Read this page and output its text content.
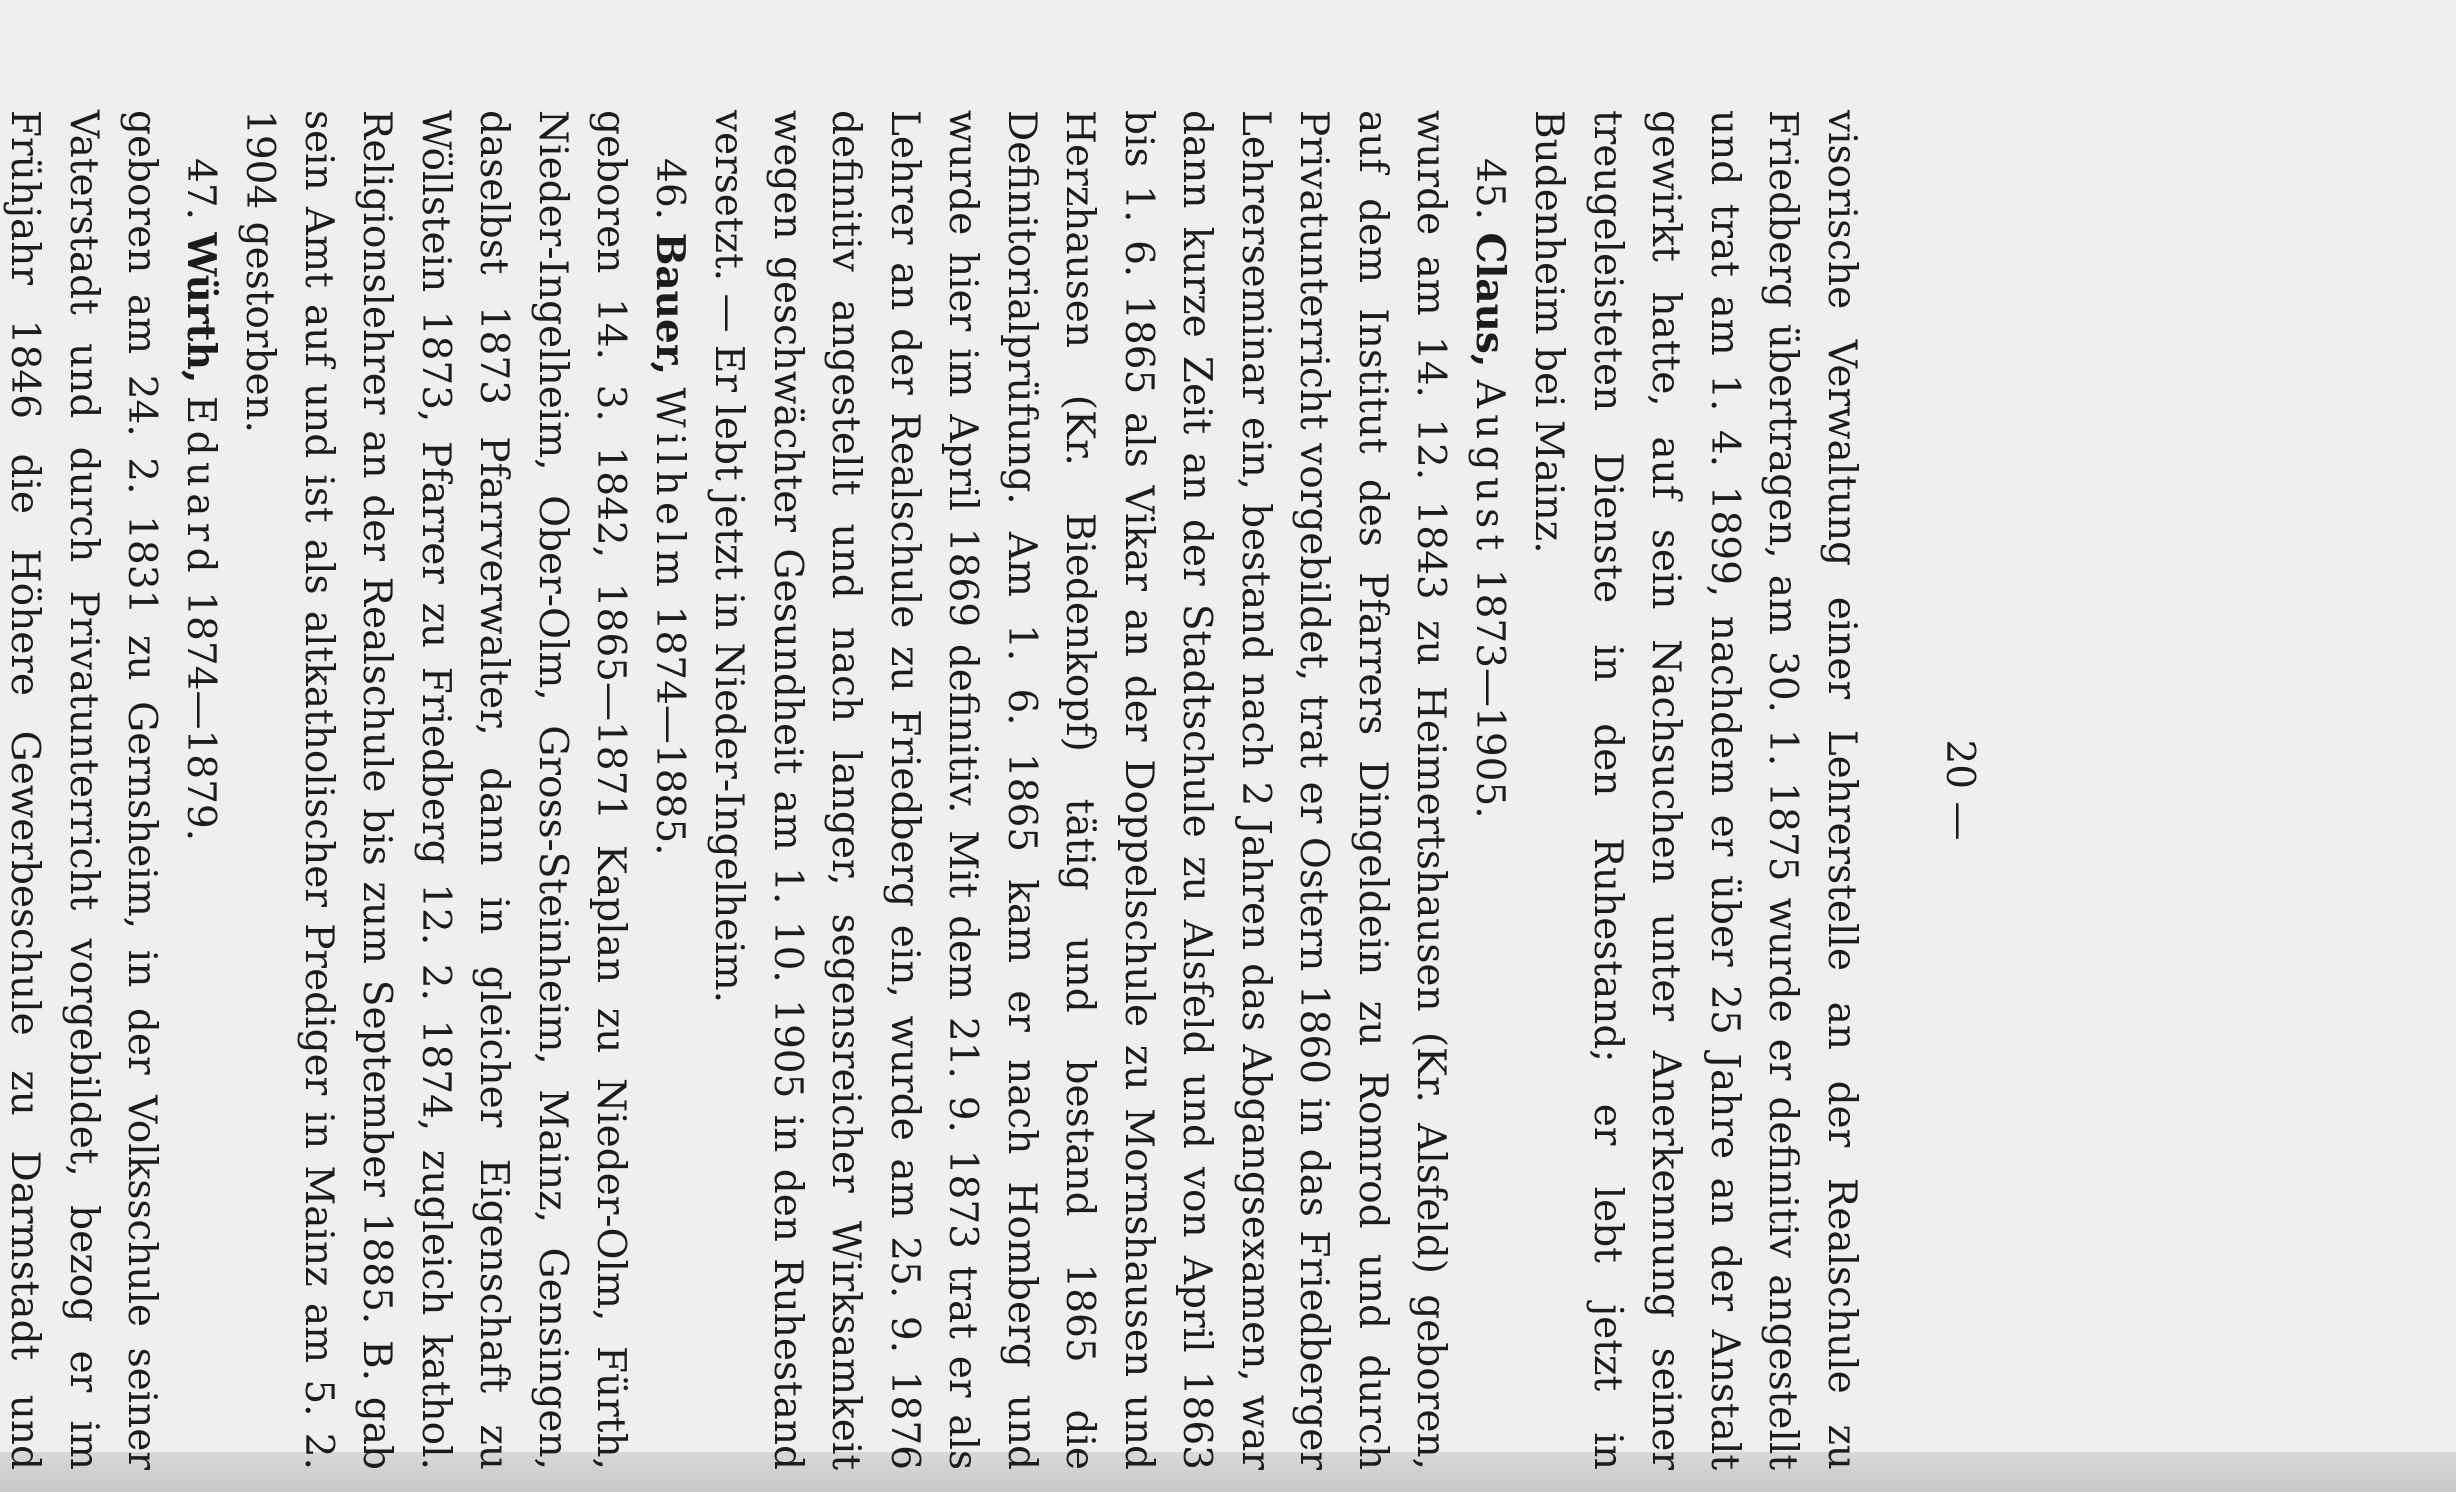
20 —

visorische Verwaltung einer Lehrerstelle an der Realschule zu Friedberg übertragen, am 30. 1. 1875 wurde er definitiv angestellt und trat am 1. 4. 1899, nachdem er über 25 Jahre an der Anstalt gewirkt hatte, auf sein Nachsuchen unter Anerkennung seiner treugeleisteten Dienste in den Ruhestand; er lebt jetzt in Budenheim bei Mainz.

45. Claus, August 1873—1905.

wurde am 14. 12. 1843 zu Heimertshausen (Kr. Alsfeld) geboren, auf dem Institut des Pfarrers Dingeldein zu Romrod und durch Privatunterricht vorgebildet, trat er Ostern 1860 in das Friedberger Lehrerseminar ein, bestand nach 2 Jahren das Abgangsexamen, war dann kurze Zeit an der Stadtschule zu Alsfeld und von April 1863 bis 1. 6. 1865 als Vikar an der Doppelschule zu Mornshausen und Herzhausen (Kr. Biedenkopf) tätig und bestand 1865 die Definitorialprüfung. Am 1. 6. 1865 kam er nach Homberg und wurde hier im April 1869 definitiv. Mit dem 21. 9. 1873 trat er als Lehrer an der Realschule zu Friedberg ein, wurde am 25. 9. 1876 definitiv angestellt und nach langer, segensreicher Wirksamkeit wegen geschwächter Gesundheit am 1. 10. 1905 in den Ruhestand versetzt. — Er lebt jetzt in Nieder-Ingelheim.

46. Bauer, Wilhelm 1874—1885.

geboren 14. 3. 1842, 1865—1871 Kaplan zu Nieder-Olm, Fürth, Nieder-Ingelheim, Ober-Olm, Gross-Steinheim, Mainz, Gensingen, daselbst 1873 Pfarrverwalter, dann in gleicher Eigenschaft zu Wöllstein 1873, Pfarrer zu Friedberg 12. 2. 1874, zugleich kathol. Religionslehrer an der Realschule bis zum September 1885. B. gab sein Amt auf und ist als altkatholischer Prediger in Mainz am 5. 2. 1904 gestorben.

47. Würth, Eduard 1874—1879.

geboren am 24. 2. 1831 zu Gernsheim, in der Volksschule seiner Vaterstadt und durch Privatunterricht vorgebildet, bezog er im Frühjahr 1846 die Höhere Gewerbeschule zu Darmstadt und
